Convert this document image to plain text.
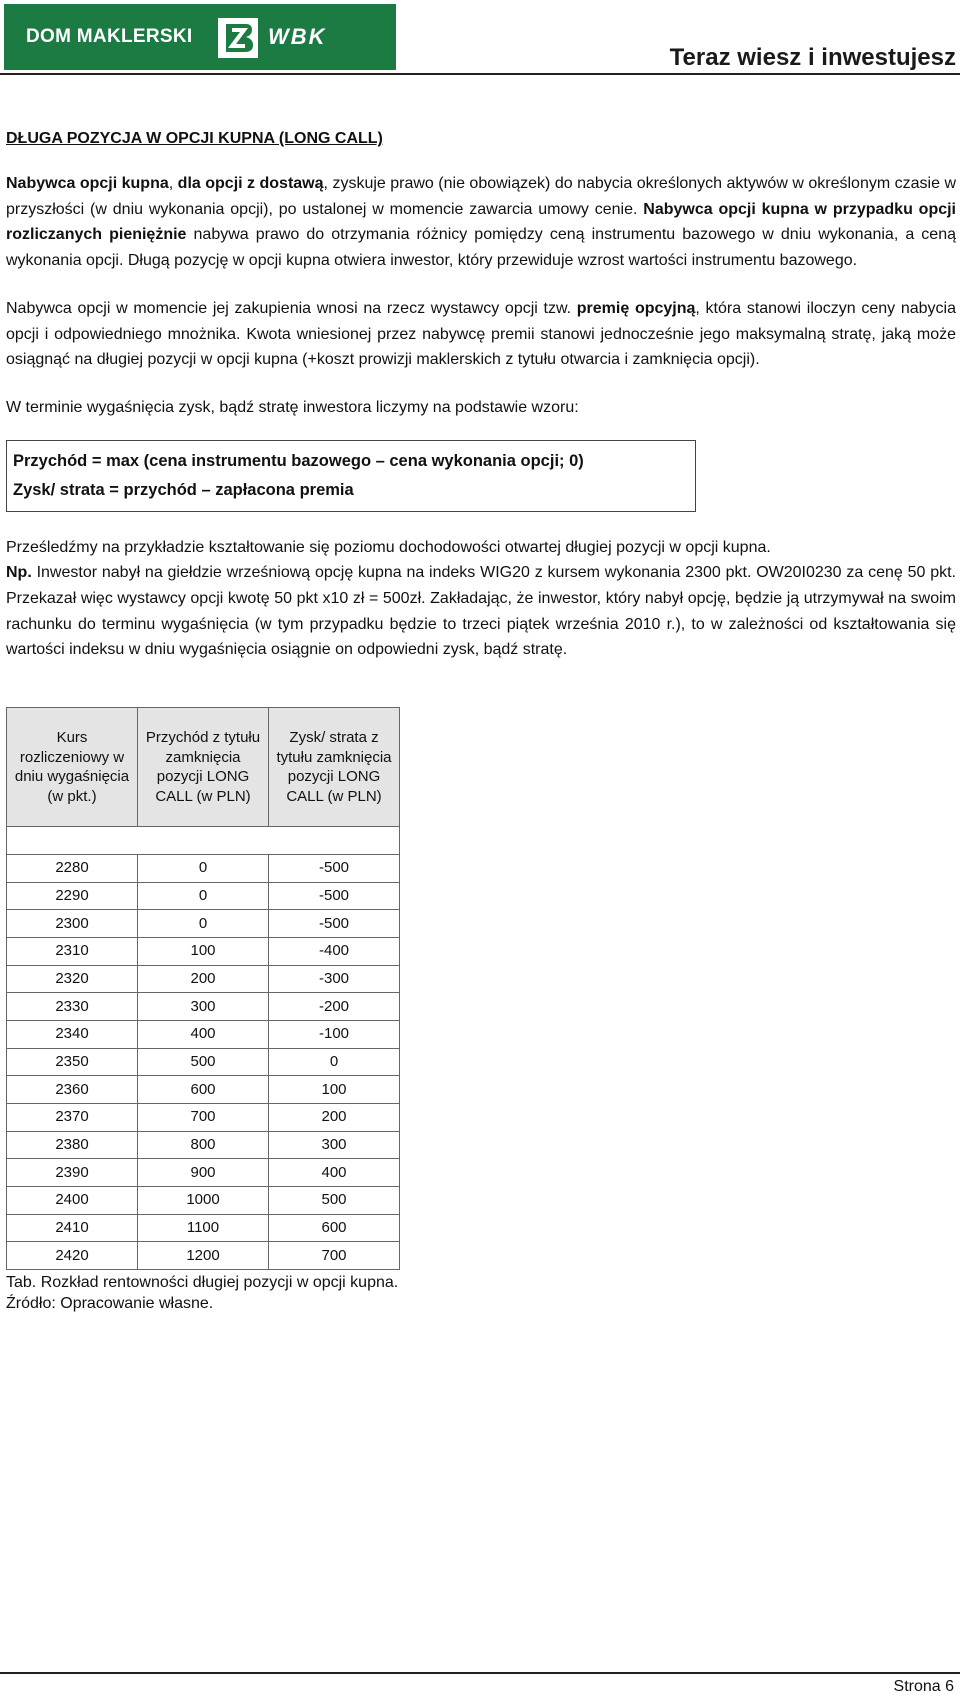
DOM MAKLERSKI	WBK
Teraz wiesz i inwestujesz
DŁUGA POZYCJA W OPCJI KUPNA (LONG CALL)

Nabywca opcji kupna, dla opcji z dostawą, zyskuje prawo (nie obowiązek) do nabycia określonych aktywów w określonym czasie w przyszłości (w dniu wykonania opcji), po ustalonej w momencie zawarcia umowy cenie. Nabywca opcji kupna w przypadku opcji rozliczanych pieniężnie nabywa prawo do otrzymania różnicy pomiędzy ceną instrumentu bazowego w dniu wykonania, a ceną wykonania opcji. Długą pozycję w opcji kupna otwiera inwestor, który przewiduje wzrost wartości instrumentu bazowego.

Nabywca opcji w momencie jej zakupienia wnosi na rzecz wystawcy opcji tzw. premię opcyjną, która stanowi iloczyn ceny nabycia opcji i odpowiedniego mnożnika. Kwota wniesionej przez nabywcę premii stanowi jednocześnie jego maksymalną stratę, jaką może osiągnąć na długiej pozycji w opcji kupna (+koszt prowizji maklerskich z tytułu otwarcia i zamknięcia opcji).

W terminie wygaśnięcia zysk, bądź stratę inwestora liczymy na podstawie wzoru:

Przychód = max (cena instrumentu bazowego – cena wykonania opcji; 0)
Zysk/ strata = przychód – zapłacona premia

Prześledźmy na przykładzie kształtowanie się poziomu dochodowości otwartej długiej pozycji w opcji kupna.

Np. Inwestor nabył na giełdzie wrześniową opcję kupna na indeks WIG20 z kursem wykonania 2300 pkt. OW20I0230 za cenę 50 pkt. Przekazał więc wystawcy opcji kwotę 50 pkt x10 zł = 500zł. Zakładając, że inwestor, który nabył opcję, będzie ją utrzymywał na swoim rachunku do terminu wygaśnięcia (w tym przypadku będzie to trzeci piątek września 2010 r.), to w zależności od kształtowania się wartości indeksu w dniu wygaśnięcia osiągnie on odpowiedni zysk, bądź stratę.

Kurs rozliczeniowy w dniu wygaśnięcia (w pkt.)	Przychód z tytułu zamknięcia pozycji LONG CALL (w PLN)	Zysk/ strata z tytułu zamknięcia pozycji LONG CALL (w PLN)

2280	0	-500
2290	0	-500
2300	0	-500
2310	100	-400
2320	200	-300
2330	300	-200
2340	400	-100
2350	500	0
2360	600	100
2370	700	200
2380	800	300
2390	900	400
2400	1000	500
2410	1100	600
2420	1200	700
Tab. Rozkład rentowności długiej pozycji w opcji kupna.
Źródło: Opracowanie własne.
Strona 6
